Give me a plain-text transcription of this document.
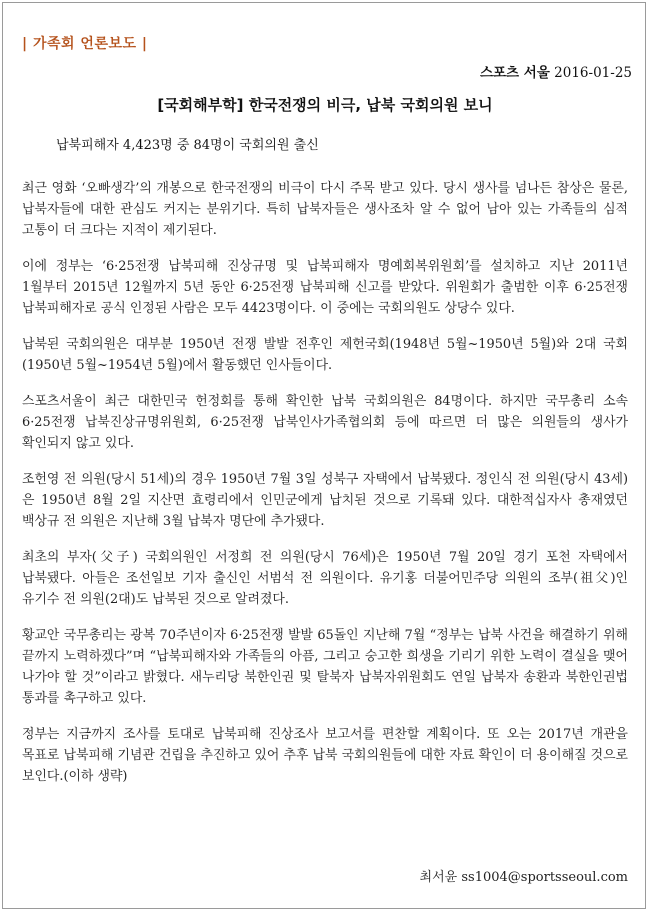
| 가족회 언론보도 |
스포츠 서울 2016-01-25
[국회해부학] 한국전쟁의 비극, 납북 국회의원 보니
납북피해자 4,423명 중 84명이 국회의원 출신

최근 영화 ‘오빠생각’의 개봉으로 한국전쟁의 비극이 다시 주목 받고 있다. 당시 생사를 넘나든 참상은 물론, 납북자들에 대한 관심도 커지는 분위기다. 특히 납북자들은 생사조차 알 수 없어 남아 있는 가족들의 심적 고통이 더 크다는 지적이 제기된다.

이에 정부는 ‘6·25전쟁 납북피해 진상규명 및 납북피해자 명예회복위원회’를 설치하고 지난 2011년 1월부터 2015년 12월까지 5년 동안 6·25전쟁 납북피해 신고를 받았다. 위원회가 출범한 이후 6·25전쟁 납북피해자로 공식 인정된 사람은 모두 4423명이다. 이 중에는 국회의원도 상당수 있다.

납북된 국회의원은 대부분 1950년 전쟁 발발 전후인 제헌국회(1948년 5월~1950년 5월)와 2대 국회(1950년 5월~1954년 5월)에서 활동했던 인사들이다.

스포츠서울이 최근 대한민국 헌정회를 통해 확인한 납북 국회의원은 84명이다. 하지만 국무총리 소속 6·25전쟁 납북진상규명위원회, 6·25전쟁 납북인사가족협의회 등에 따르면 더 많은 의원들의 생사가 확인되지 않고 있다.

조헌영 전 의원(당시 51세)의 경우 1950년 7월 3일 성북구 자택에서 납북됐다. 정인식 전 의원(당시 43세)은 1950년 8월 2일 지산면 효령리에서 인민군에게 납치된 것으로 기록돼 있다. 대한적십자사 총재였던 백상규 전 의원은 지난해 3월 납북자 명단에 추가됐다.

최초의 부자(父子) 국회의원인 서정희 전 의원(당시 76세)은 1950년 7월 20일 경기 포천 자택에서 납북됐다. 아들은 조선일보 기자 출신인 서범석 전 의원이다. 유기홍 더불어민주당 의원의 조부(祖父)인 유기수 전 의원(2대)도 납북된 것으로 알려졌다.

황교안 국무총리는 광복 70주년이자 6·25전쟁 발발 65돌인 지난해 7월 “정부는 납북 사건을 해결하기 위해 끝까지 노력하겠다”며 “납북피해자와 가족들의 아픔, 그리고 숭고한 희생을 기리기 위한 노력이 결실을 맺어 나가야 할 것”이라고 밝혔다. 새누리당 북한인권 및 탈북자 납북자위원회도 연일 납북자 송환과 북한인권법 통과를 촉구하고 있다.

정부는 지금까지 조사를 토대로 납북피해 진상조사 보고서를 편찬할 계획이다. 또 오는 2017년 개관을 목표로 납북피해 기념관 건립을 추진하고 있어 추후 납북 국회의원들에 대한 자료 확인이 더 용이해질 것으로 보인다.(이하 생략)

최서윤 ss1004@sportsseoul.com
